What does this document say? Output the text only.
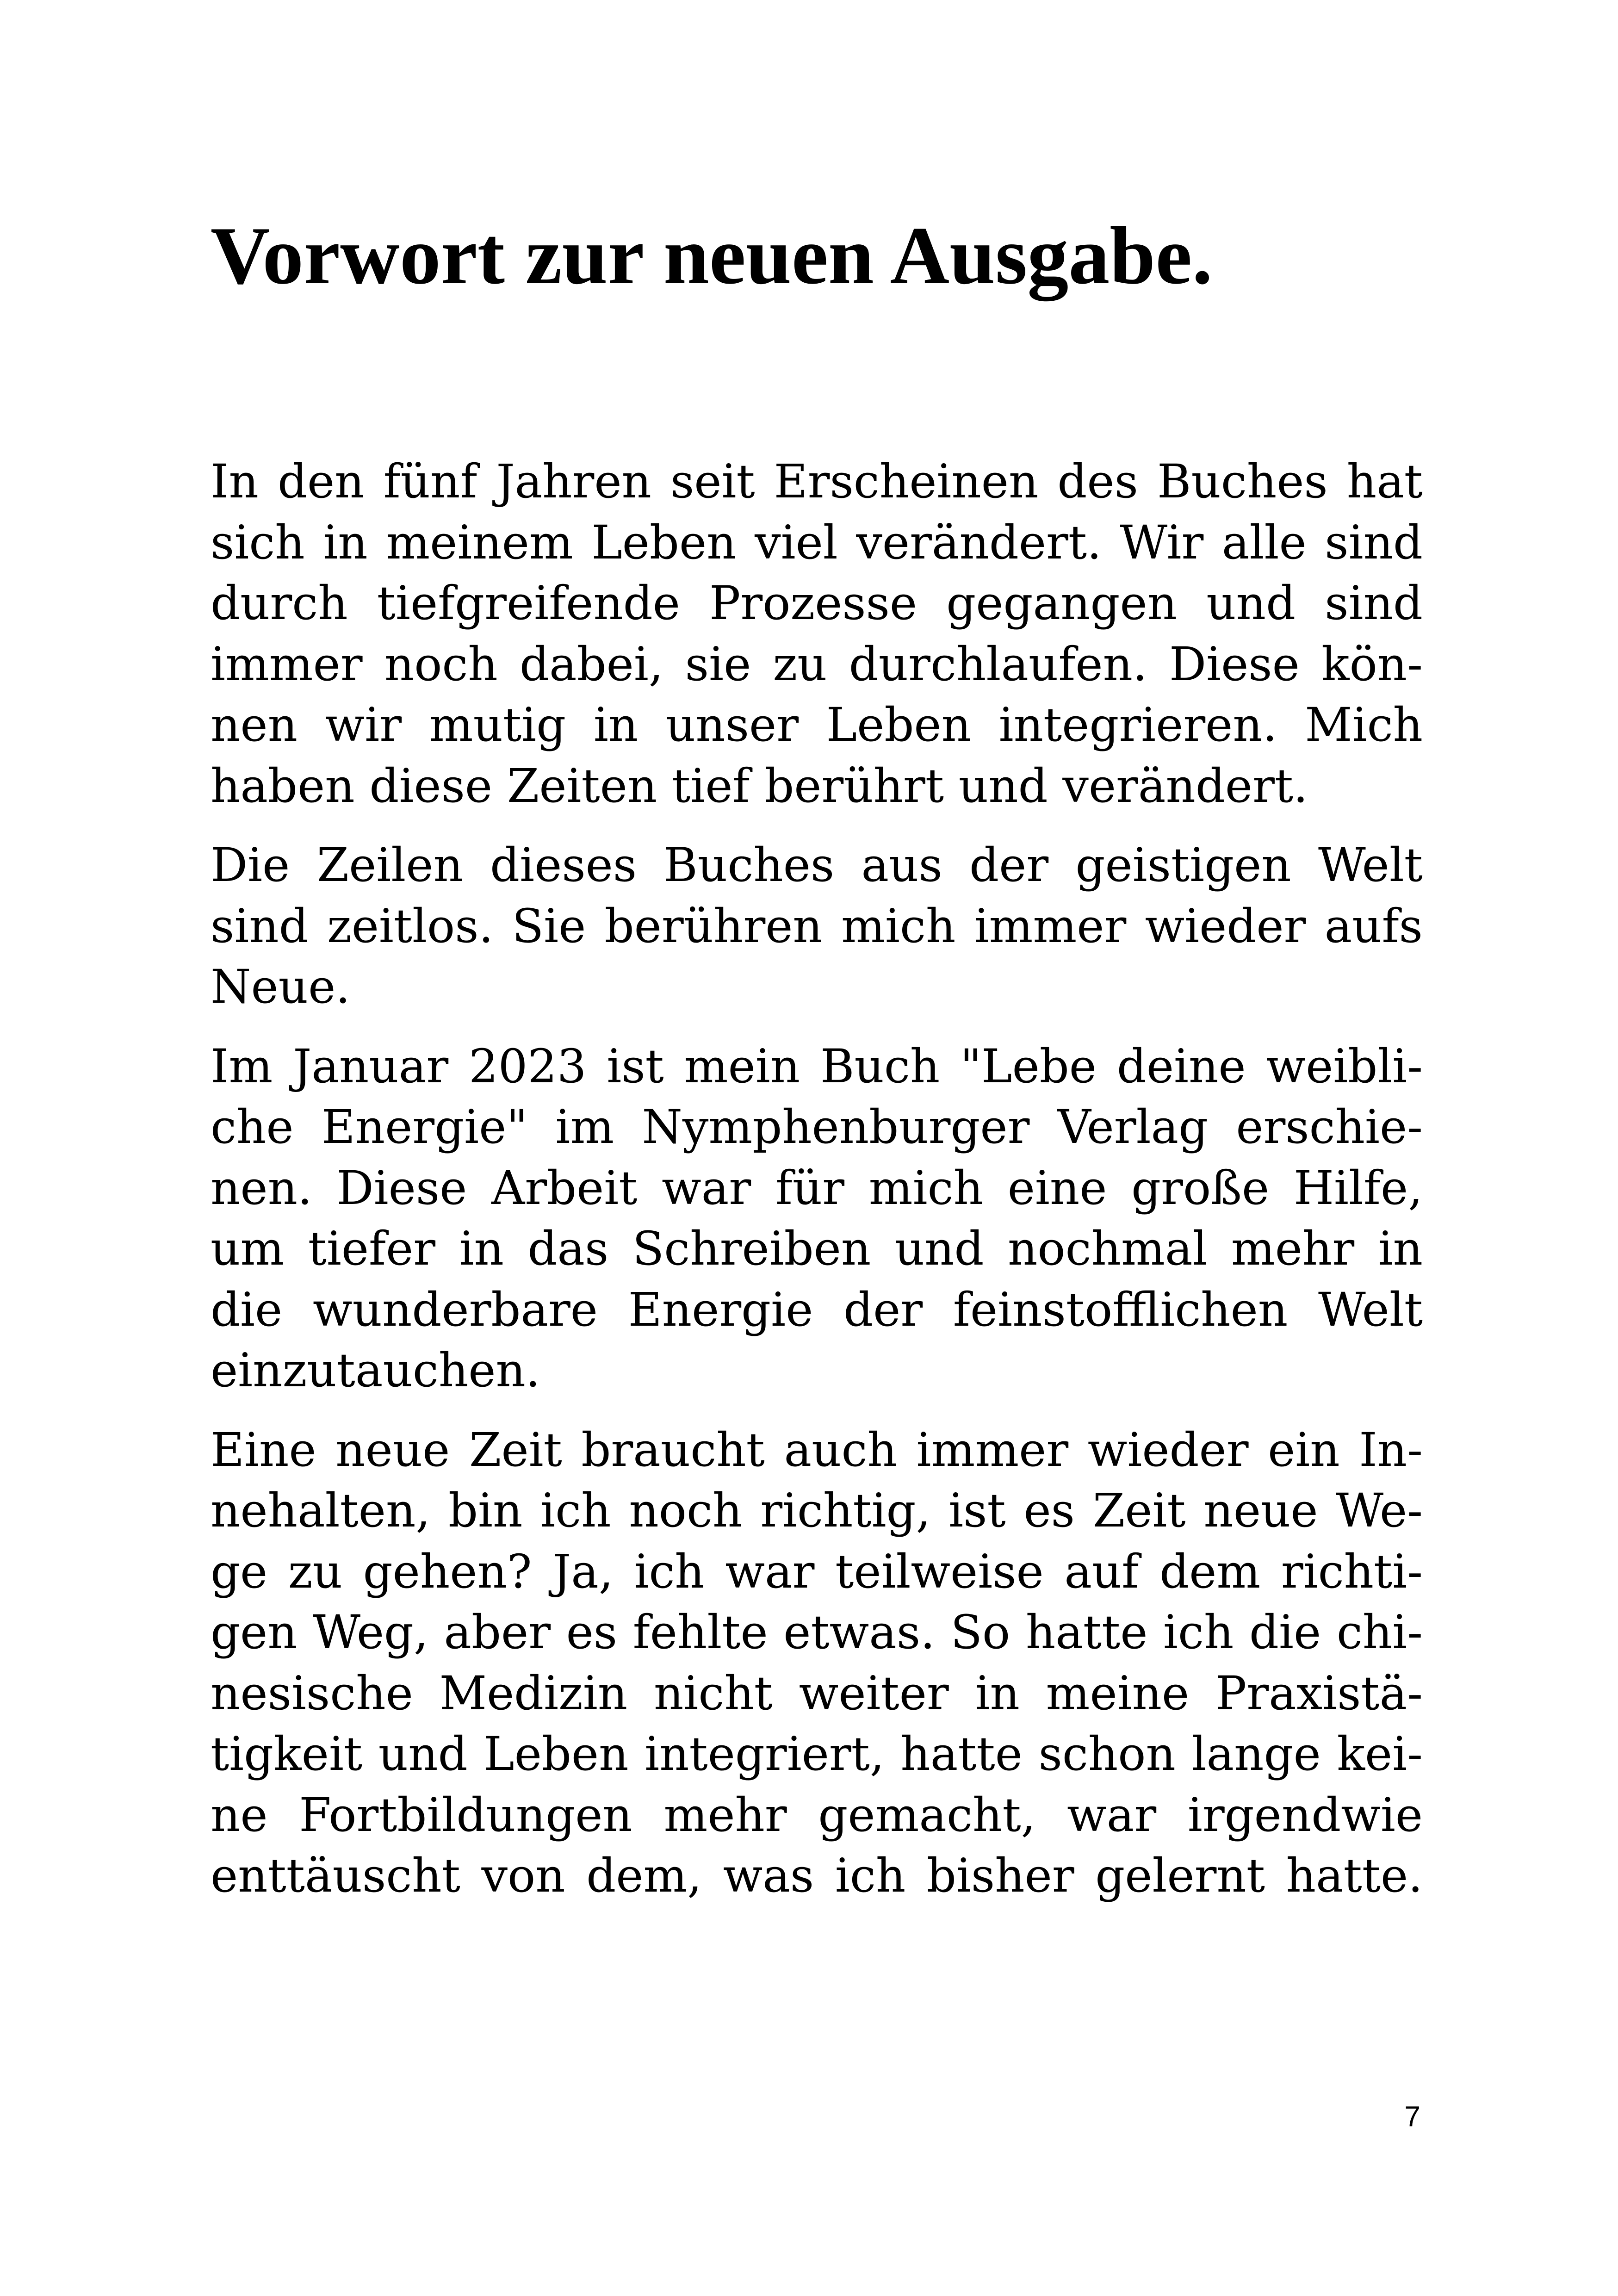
Vorwort zur neuen Ausgabe.
In den fünf Jahren seit Erscheinen des Buches hat
sich in meinem Leben viel verändert. Wir alle sind
durch tiefgreifende Prozesse gegangen und sind
immer noch dabei, sie zu durchlaufen. Diese kön-
nen wir mutig in unser Leben integrieren. Mich
haben diese Zeiten tief berührt und verändert.
Die Zeilen dieses Buches aus der geistigen Welt
sind zeitlos. Sie berühren mich immer wieder aufs
Neue.
Im Januar 2023 ist mein Buch "Lebe deine weibli-
che Energie" im Nymphenburger Verlag erschie-
nen. Diese Arbeit war für mich eine große Hilfe,
um tiefer in das Schreiben und nochmal mehr in
die wunderbare Energie der feinstofflichen Welt
einzutauchen.
Eine neue Zeit braucht auch immer wieder ein In-
nehalten, bin ich noch richtig, ist es Zeit neue We-
ge zu gehen? Ja, ich war teilweise auf dem richti-
gen Weg, aber es fehlte etwas. So hatte ich die chi-
nesische Medizin nicht weiter in meine Praxistä-
tigkeit und Leben integriert, hatte schon lange kei-
ne Fortbildungen mehr gemacht, war irgendwie
enttäuscht von dem, was ich bisher gelernt hatte.
7
